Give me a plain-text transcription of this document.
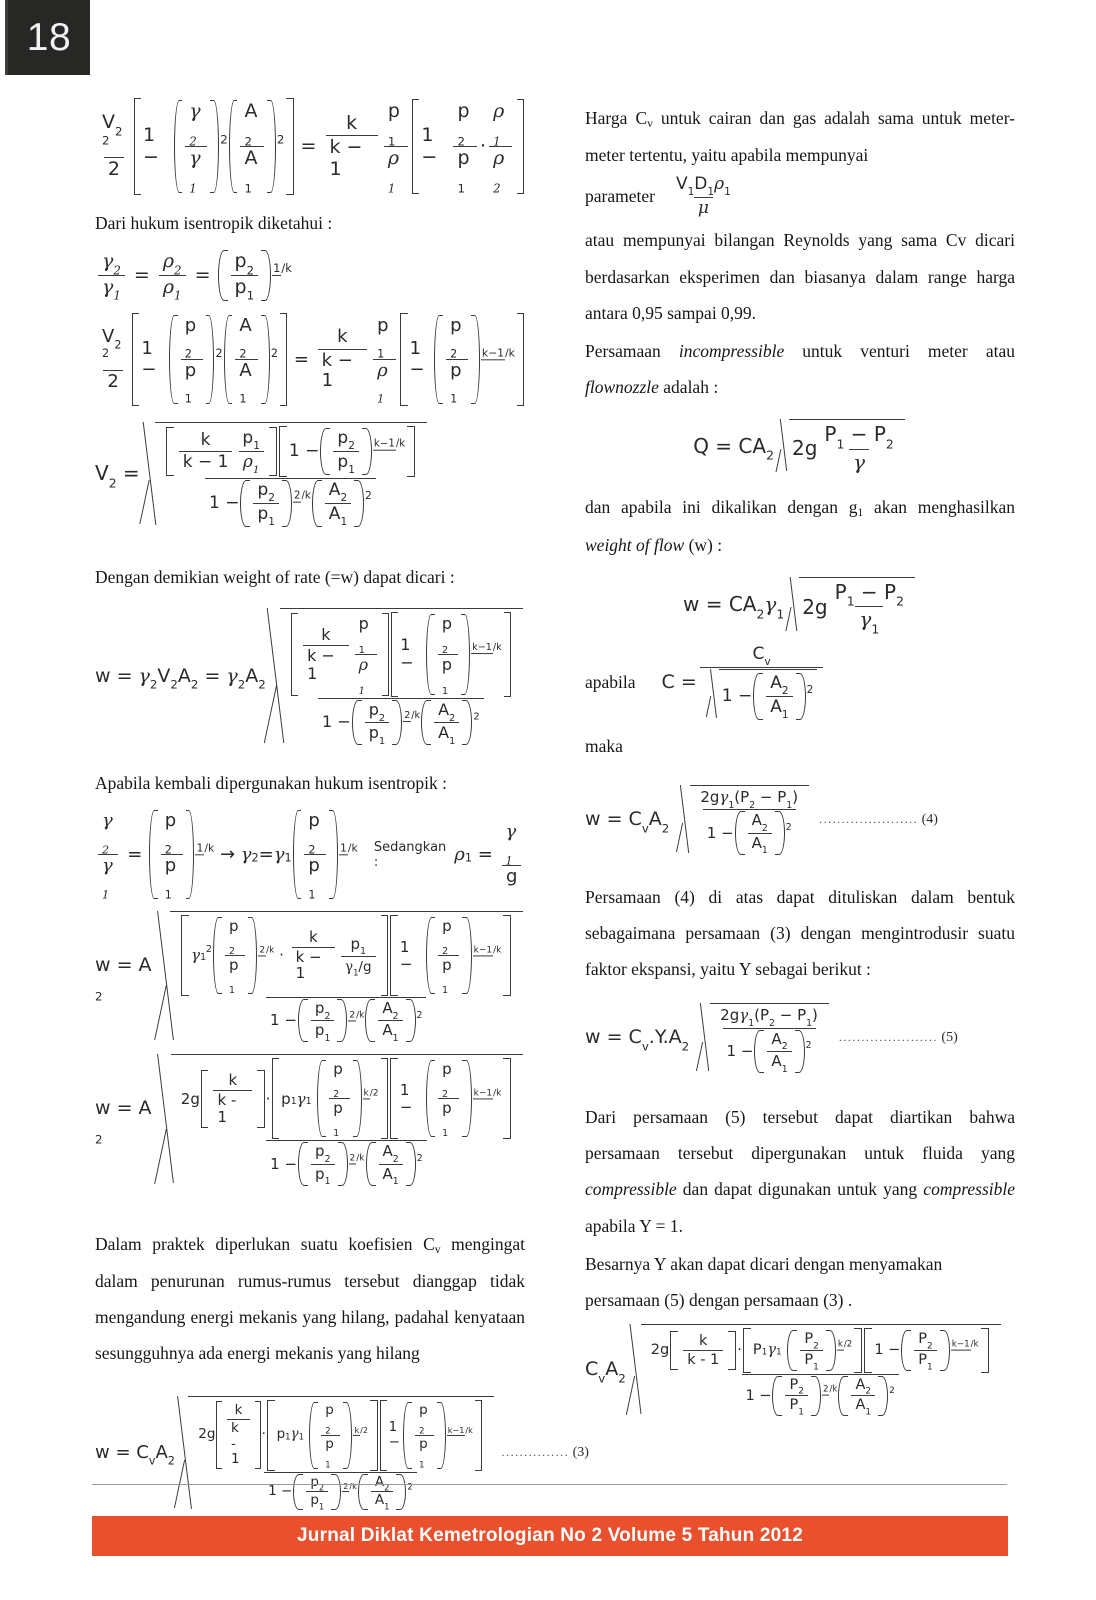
18
$\frac{V22}{2} 1 - \frac{\gamma 2}{\gamma 1} 2 \frac{A2}{A1} 2 = \frac{k}{k - 1} \frac{p1}{\rho 1} 1 - \frac{p2}{p1} \cdot \frac{\rho 1}{\rho 2}$

Dari hukum isentropik diketahui :

$\frac{\gamma 2}{\gamma 1} = \frac{\rho 2}{\rho 1} = \frac{p2}{p1} 1/k$
$\frac{V22}{2} 1 - \frac{p2}{p1} 2 \frac{A2}{A1} 2 = \frac{k}{k - 1} \frac{p1}{\rho 1} 1 - \frac{p2}{p1} k-1/k$
V2 =
$\frac{k}{k - 1} \frac{p1}{\rho 1} 1 - \frac{p2}{p1} k-1/k$
$1 - \frac{p2}{p1} 2/k \frac{A2}{A1} 2$

Dengan demikian weight of rate (=w) dapat dicari :

w = γ2V2A2 = γ2A2
$\frac{k}{k - 1} \frac{p1}{\rho 1} 1 - \frac{p2}{p1} k-1/k$
$1 - \frac{p2}{p1} 2/k \frac{A2}{A1} 2$

Apabila kembali dipergunakan hukum isentropik :

$\frac{\gamma 2}{\gamma 1} = \frac{p2}{p1} 1/k \to \gamma$ 2 = γ $1 \frac{p2}{p1} 1/k$ Sedangkan :	ρ $1 = \frac{\gamma 1}{g}$
w = A2
γ 1
$2 \frac{p2}{p1} 2/k \cdot \frac{k}{k - 1} \frac{p1}{\gamma 1/g} 1 - \frac{p2}{p1} k-1/k$
$1 - \frac{p2}{p1} 2/k \frac{A2}{A1} 2$
w = A2
$2g \frac{k}{k - 1} \cdot p$ 1 γ 1
$\frac{p2}{p1} k/2$ $1 - \frac{p2}{p1} k-1/k$
$1 - \frac{p2}{p1} 2/k \frac{A2}{A1} 2$

Dalam praktek diperlukan suatu koefisien $C_v$ mengingat dalam penurunan rumus-rumus tersebut dianggap tidak mengandung energi mekanis yang hilang, padahal kenyataan sesungguhnya ada energi mekanis yang hilang

w = CvA2
$2g \frac{k}{k - 1} \cdot p$ 1 γ 1
$\frac{p2}{p1} k/2$ $1 - \frac{p2}{p1} k-1/k$
$1 - \frac{p2}{p1} 2/k \frac{A2}{A1} 2$
............... (3)

Harga $C_v$ untuk cairan dan gas adalah sama untuk meter-meter tertentu, yaitu apabila mempunyai

parameter $\frac{V1D1\rho 1}{\mu}$

atau mempunyai bilangan Reynolds yang sama Cv dicari berdasarkan eksperimen dan biasanya dalam range harga antara 0,95 sampai 0,99.

Persamaan incompressible untuk venturi meter atau flownozzle adalah :

Q = CA2 $2g \frac{P1 - P2}{\gamma}$

dan apabila ini dikalikan dengan $g_1$ akan menghasilkan weight of flow (w) :

w = CA2γ1 $2g \frac{P1 - P2}{\gamma 1}$
apabila $C = \frac{Cv}{1 - \frac{A2}{A1} 2}$

maka

w = CvA2	$\frac{2g\gamma 1(P2 - P1)}{1 - \frac{A2}{A1} 2}$ ...................... (4)

Persamaan (4) di atas dapat dituliskan dalam bentuk sebagaimana persamaan (3) dengan mengintrodusir suatu faktor ekspansi, yaitu Y sebagai berikut :

w = Cv.Y.A2	$\frac{2g\gamma 1(P2 - P1)}{1 - \frac{A2}{A1} 2}$ ...................... (5)

Dari persamaan (5) tersebut dapat diartikan bahwa persamaan tersebut dipergunakan untuk fluida yang compressible dan dapat digunakan untuk yang compressible apabila Y = 1.

Besarnya Y akan dapat dicari dengan menyamakan persamaan (5) dengan persamaan (3) .

CvA2
$2g \frac{k}{k - 1} \cdot P$ 1 γ 1
$\frac{P2}{P1} k/2$ $1 - \frac{P2}{P1} k-1/k$
$1 - \frac{P2}{P1} 2/k \frac{A2}{A1} 2$
Jurnal Diklat Kemetrologian No 2 Volume 5 Tahun 2012
